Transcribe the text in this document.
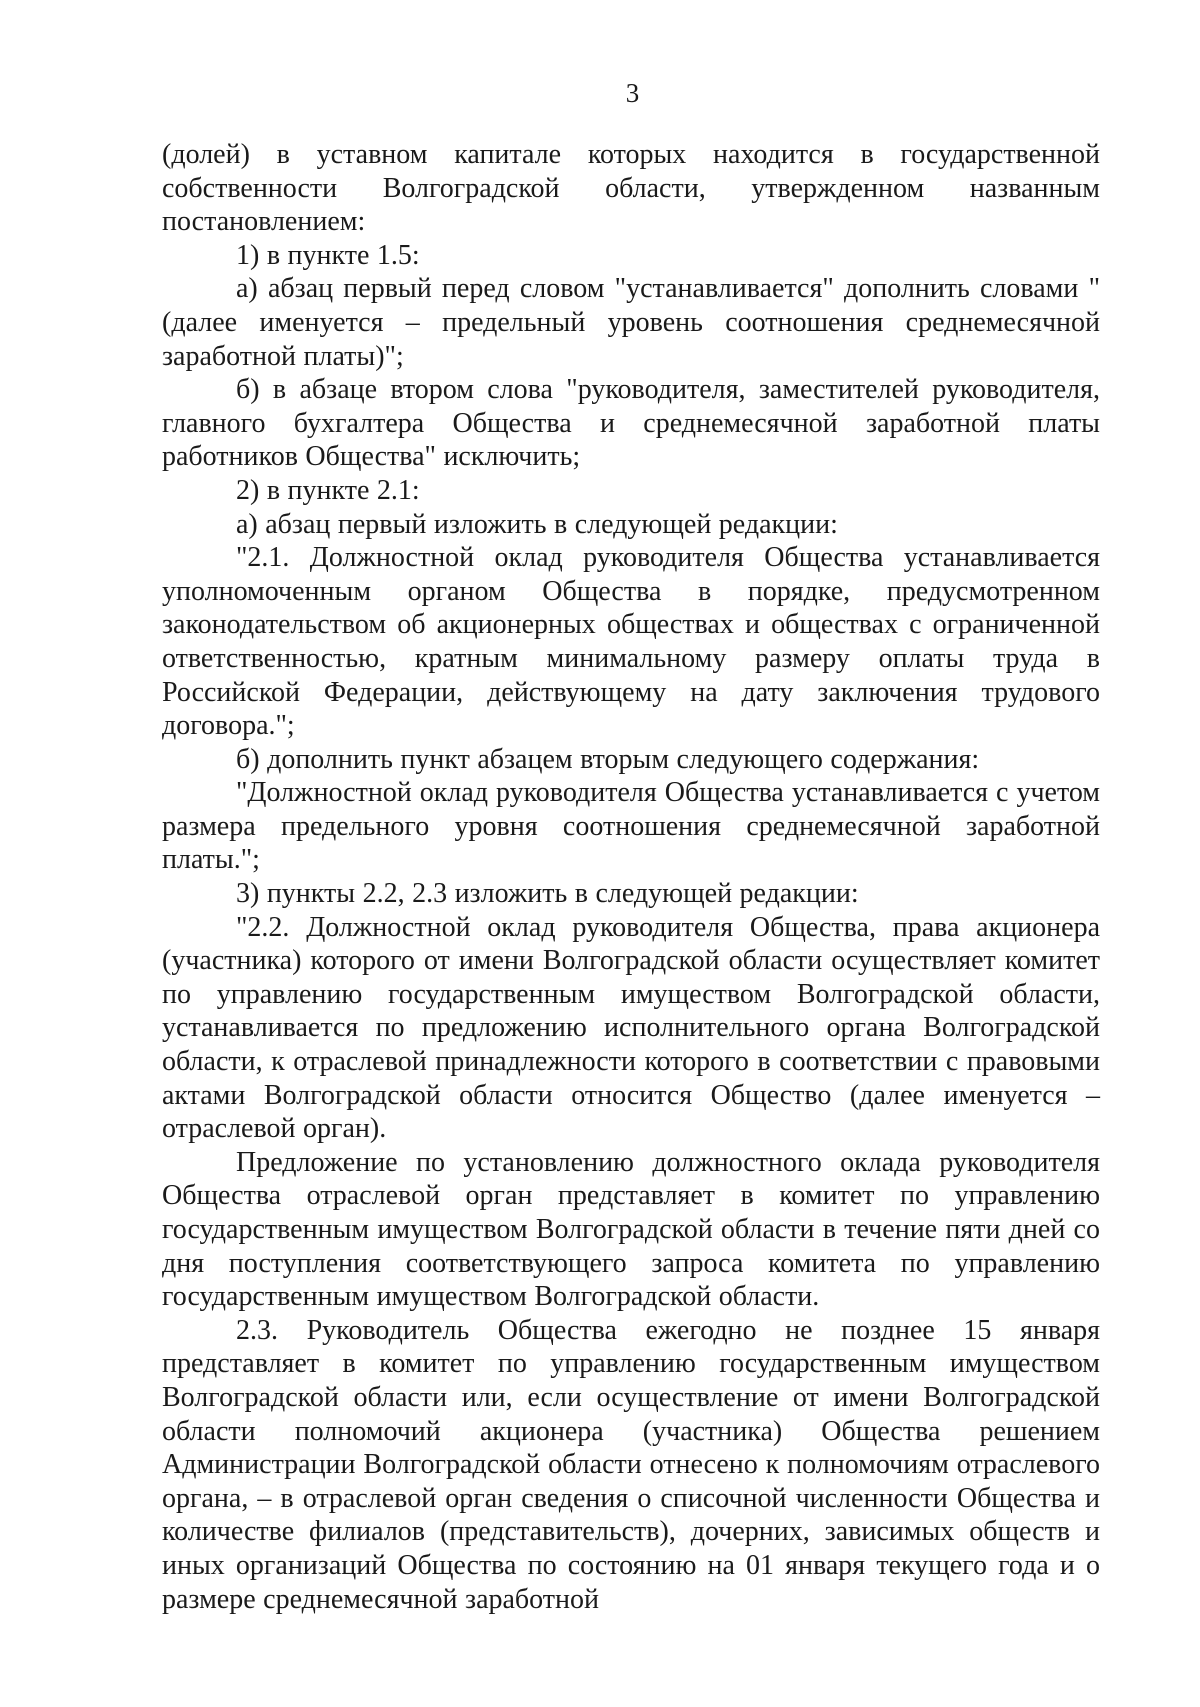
3

(долей) в уставном капитале которых находится в государственной собственности Волгоградской области, утвержденном названным постановлением:

1) в пункте 1.5:

а) абзац первый перед словом "устанавливается" дополнить словами "(далее именуется – предельный уровень соотношения среднемесячной заработной платы)";

б) в абзаце втором слова "руководителя, заместителей руководителя, главного бухгалтера Общества и среднемесячной заработной платы работников Общества" исключить;

2) в пункте 2.1:

а) абзац первый изложить в следующей редакции:

"2.1. Должностной оклад руководителя Общества устанавливается уполномоченным органом Общества в порядке, предусмотренном законодательством об акционерных обществах и обществах с ограниченной ответственностью, кратным минимальному размеру оплаты труда в Российской Федерации, действующему на дату заключения трудового договора.";

б) дополнить пункт абзацем вторым следующего содержания:

"Должностной оклад руководителя Общества устанавливается с учетом размера предельного уровня соотношения среднемесячной заработной платы.";

3) пункты 2.2, 2.3 изложить в следующей редакции:

"2.2. Должностной оклад руководителя Общества, права акционера (участника) которого от имени Волгоградской области осуществляет комитет по управлению государственным имуществом Волгоградской области, устанавливается по предложению исполнительного органа Волгоградской области, к отраслевой принадлежности которого в соответствии с правовыми актами Волгоградской области относится Общество (далее именуется – отраслевой орган).

Предложение по установлению должностного оклада руководителя Общества отраслевой орган представляет в комитет по управлению государственным имуществом Волгоградской области в течение пяти дней со дня поступления соответствующего запроса комитета по управлению государственным имуществом Волгоградской области.

2.3. Руководитель Общества ежегодно не позднее 15 января представляет в комитет по управлению государственным имуществом Волгоградской области или, если осуществление от имени Волгоградской области полномочий акционера (участника) Общества решением Администрации Волгоградской области отнесено к полномочиям отраслевого органа, – в отраслевой орган сведения о списочной численности Общества и количестве филиалов (представительств), дочерних, зависимых обществ и иных организаций Общества по состоянию на 01 января текущего года и о размере среднемесячной заработной
